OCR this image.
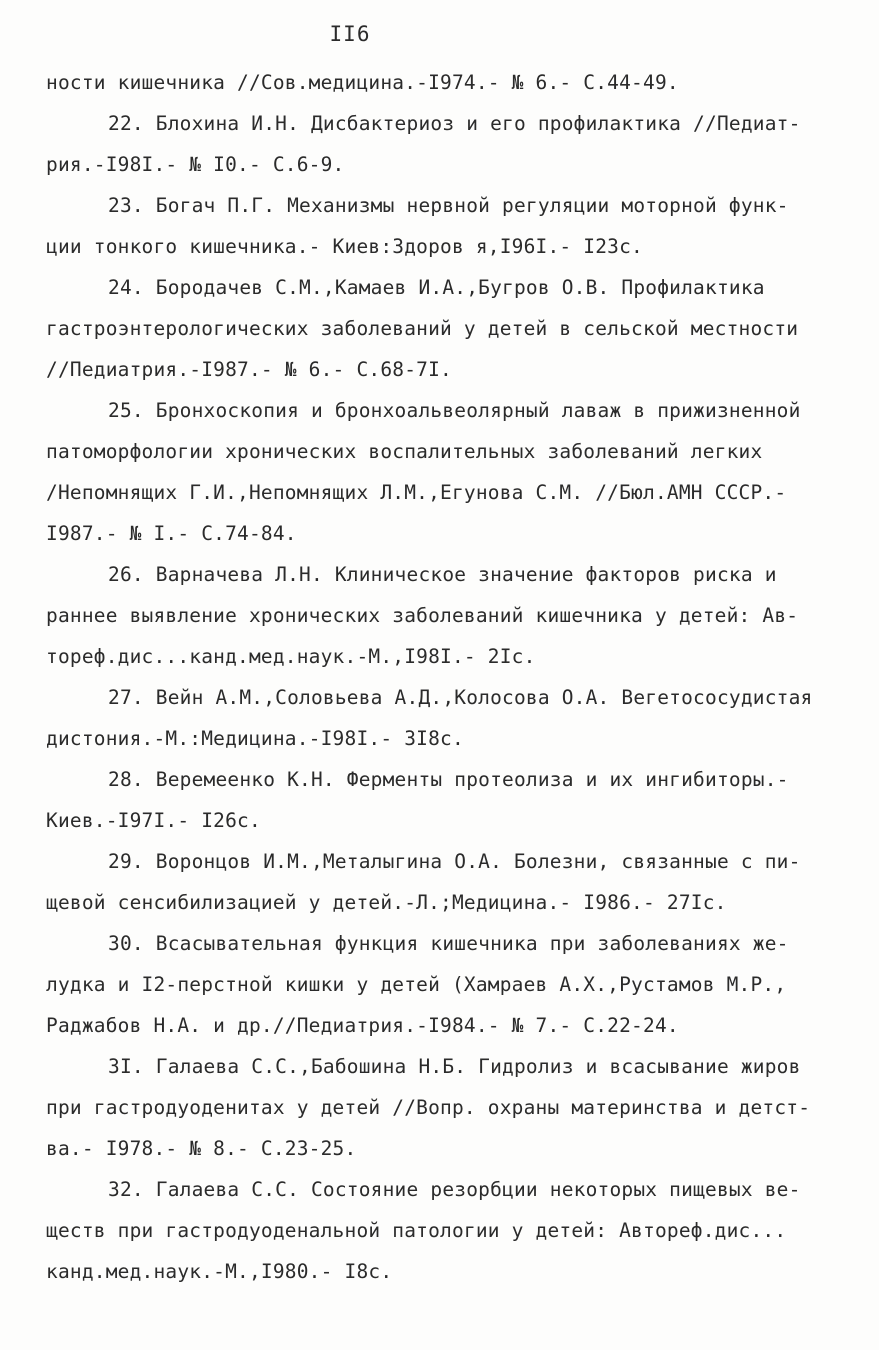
II6
ности кишечника //Сов.медицина.-I974.- № 6.- С.44-49.
22. Блохина И.Н. Дисбактериоз и его профилактика //Педиат-
рия.-I98I.- № I0.- С.6-9.
23. Богач П.Г. Механизмы нервной регуляции моторной функ-
ции тонкого кишечника.- Киев:Здоров я,I96I.- I23с.
24. Бородачев С.М.,Камаев И.А.,Бугров О.В. Профилактика
гастроэнтерологических заболеваний у детей в сельской местности
//Педиатрия.-I987.- № 6.- С.68-7I.
25. Бронхоскопия и бронхоальвеолярный лаваж в прижизненной
патоморфологии хронических воспалительных заболеваний легких
/Непомнящих Г.И.,Непомнящих Л.М.,Егунова С.М. //Бюл.АМН СССР.-
I987.- № I.- С.74-84.
26. Варначева Л.Н. Клиническое значение факторов риска и
раннее выявление хронических заболеваний кишечника у детей: Ав-
тореф.дис...канд.мед.наук.-М.,I98I.- 2Iс.
27. Вейн А.М.,Соловьева А.Д.,Колосова О.А. Вегетососудистая
дистония.-М.:Медицина.-I98I.- 3I8с.
28. Веремеенко К.Н. Ферменты протеолиза и их ингибиторы.-
Киев.-I97I.- I26с.
29. Воронцов И.М.,Металыгина О.А. Болезни, связанные с пи-
щевой сенсибилизацией у детей.-Л.;Медицина.- I986.- 27Iс.
30. Всасывательная функция кишечника при заболеваниях же-
лудка и I2-перстной кишки у детей (Хамраев А.Х.,Рустамов М.Р.,
Раджабов Н.А. и др.//Педиатрия.-I984.- № 7.- С.22-24.
3I. Галаева С.С.,Бабошина Н.Б. Гидролиз и всасывание жиров
при гастродуоденитах у детей //Вопр. охраны материнства и детст-
ва.- I978.- № 8.- С.23-25.
32. Галаева С.С. Состояние резорбции некоторых пищевых ве-
ществ при гастродуоденальной патологии у детей: Автореф.дис...
канд.мед.наук.-М.,I980.- I8с.
